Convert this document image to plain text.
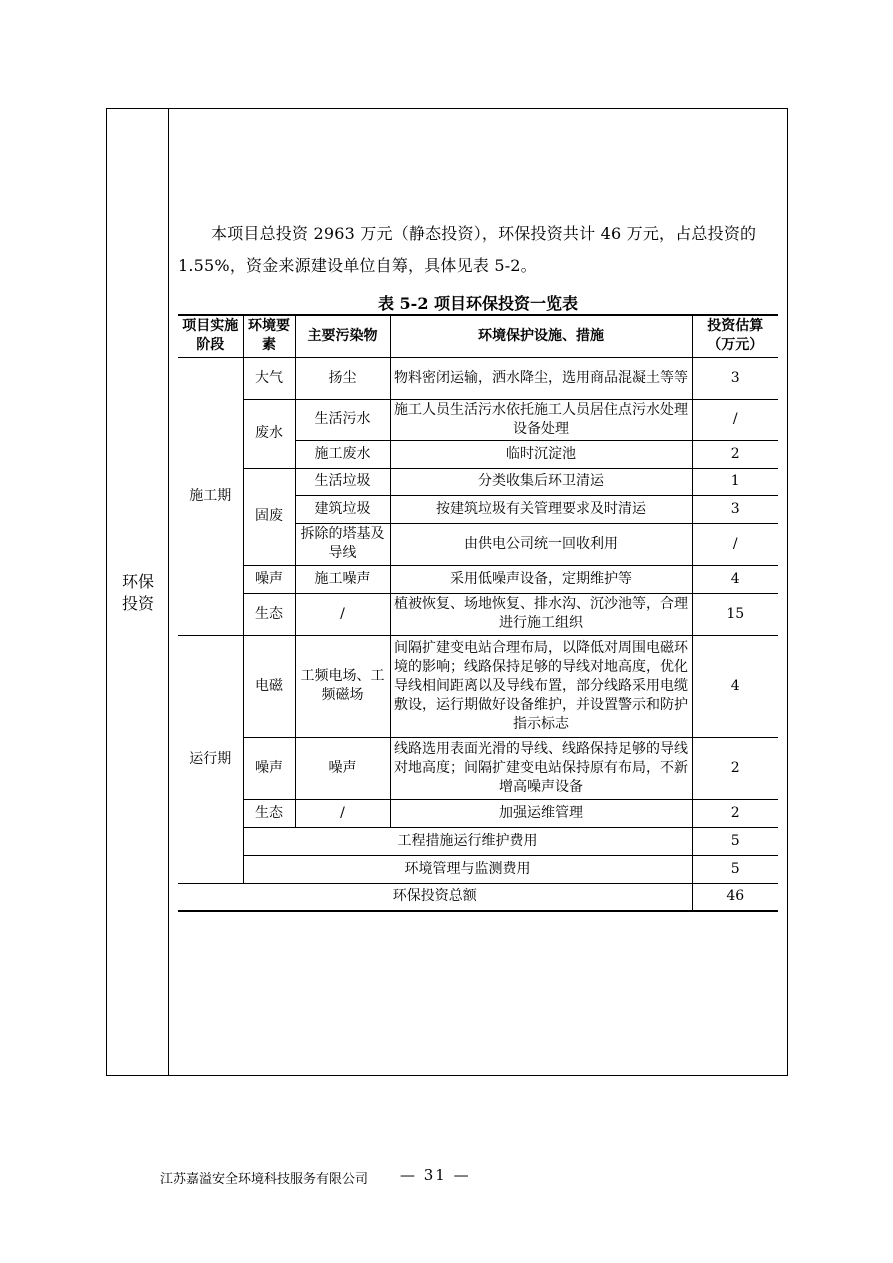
环保
投资

本项目总投资 2963 万元（静态投资），环保投资共计 46 万元，占总投资的 1.55%，资金来源建设单位自筹，具体见表 5-2。

表 5-2 项目环保投资一览表
项目实施阶段	环境要素	主要污染物	环境保护设施、措施	投资估算（万元）
施工期	大气	扬尘	物料密闭运输，洒水降尘，选用商品混凝土等等	3
	废水	生活污水	施工人员生活污水依托施工人员居住点污水处理设备处理	/
		施工废水	临时沉淀池	2
	固废	生活垃圾	分类收集后环卫清运	1
		建筑垃圾	按建筑垃圾有关管理要求及时清运	3
		拆除的塔基及导线	由供电公司统一回收利用	/
	噪声	施工噪声	采用低噪声设备，定期维护等	4
	生态	/	植被恢复、场地恢复、排水沟、沉沙池等，合理进行施工组织	15
运行期	电磁	工频电场、工频磁场	间隔扩建变电站合理布局，以降低对周围电磁环境的影响；线路保持足够的导线对地高度，优化导线相间距离以及导线布置，部分线路采用电缆敷设，运行期做好设备维护，并设置警示和防护指示标志	4
	噪声	噪声	线路选用表面光滑的导线、线路保持足够的导线对地高度；间隔扩建变电站保持原有布局，不新增高噪声设备	2
	生态	/	加强运维管理	2
	工程措施运行维护费用			5
	环境管理与监测费用			5
环保投资总额				46
江苏嘉溢安全环境科技服务有限公司 — 31 —
